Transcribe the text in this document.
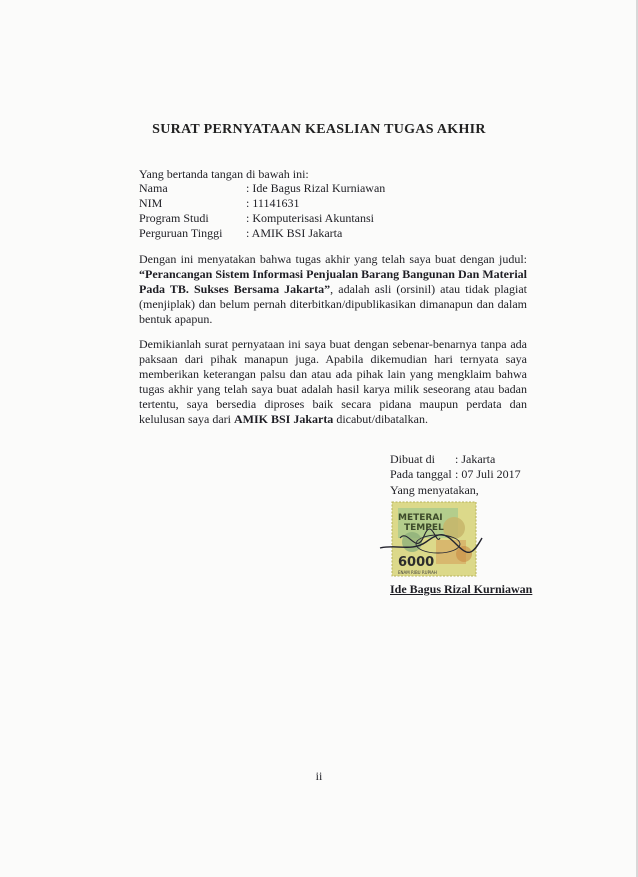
SURAT PERNYATAAN KEASLIAN TUGAS AKHIR
Yang bertanda tangan di bawah ini:
Nama	: Ide Bagus Rizal Kurniawan
NIM	: 11141631
Program Studi	: Komputerisasi Akuntansi
Perguruan Tinggi : AMIK BSI Jakarta
Dengan ini menyatakan bahwa tugas akhir yang telah saya buat dengan judul: “Perancangan Sistem Informasi Penjualan Barang Bangunan Dan Material Pada TB. Sukses Bersama Jakarta”, adalah asli (orsinil) atau tidak plagiat (menjiplak) dan belum pernah diterbitkan/dipublikasikan dimanapun dan dalam bentuk apapun.
Demikianlah surat pernyataan ini saya buat dengan sebenar-benarnya tanpa ada paksaan dari pihak manapun juga. Apabila dikemudian hari ternyata saya memberikan keterangan palsu dan atau ada pihak lain yang mengklaim bahwa tugas akhir yang telah saya buat adalah hasil karya milik seseorang atau badan tertentu, saya bersedia diproses baik secara pidana maupun perdata dan kelulusan saya dari AMIK BSI Jakarta dicabut/dibatalkan.
Dibuat di : Jakarta
Pada tanggal : 07 Juli 2017
Yang menyatakan,
METERAI
TEMPEL
6000
ENAM RIBU RUPIAH
Ide Bagus Rizal Kurniawan
ii
